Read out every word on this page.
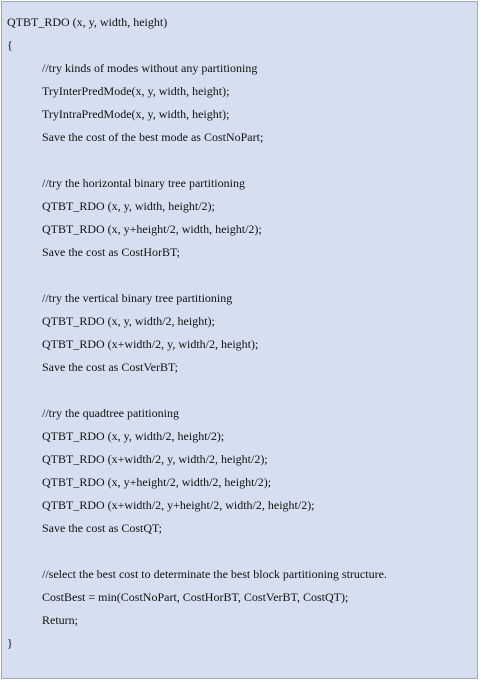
QTBT_RDO (x, y, width, height)
{
//try kinds of modes without any partitioning
TryInterPredMode(x, y, width, height);
TryIntraPredMode(x, y, width, height);
Save the cost of the best mode as CostNoPart;
//try the horizontal binary tree partitioning
QTBT_RDO (x, y, width, height/2);
QTBT_RDO (x, y+height/2, width, height/2);
Save the cost as CostHorBT;
//try the vertical binary tree partitioning
QTBT_RDO (x, y, width/2, height);
QTBT_RDO (x+width/2, y, width/2, height);
Save the cost as CostVerBT;
//try the quadtree patitioning
QTBT_RDO (x, y, width/2, height/2);
QTBT_RDO (x+width/2, y, width/2, height/2);
QTBT_RDO (x, y+height/2, width/2, height/2);
QTBT_RDO (x+width/2, y+height/2, width/2, height/2);
Save the cost as CostQT;
//select the best cost to determinate the best block partitioning structure.
CostBest = min(CostNoPart, CostHorBT, CostVerBT, CostQT);
Return;
}
